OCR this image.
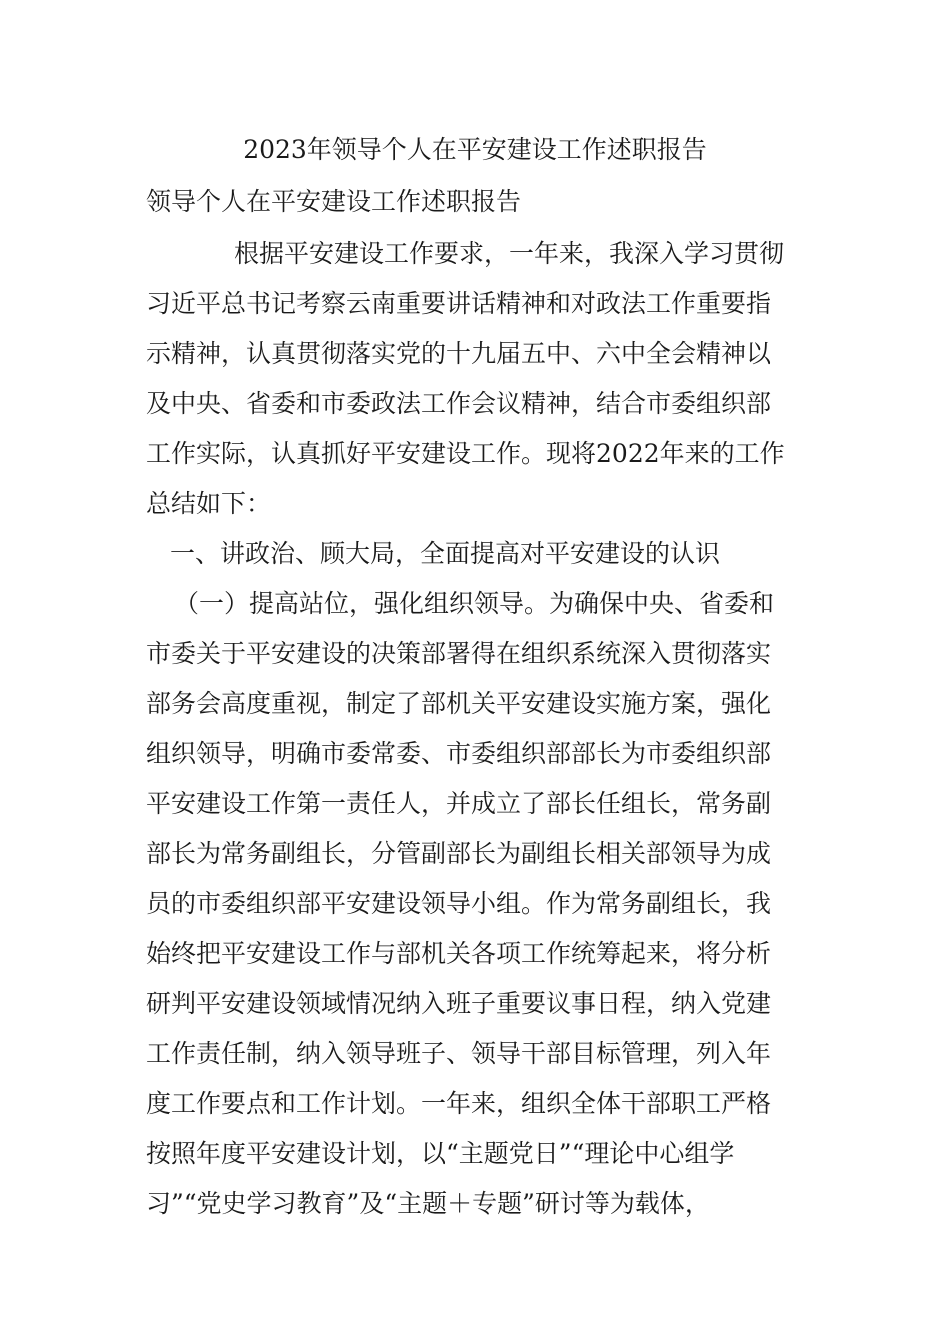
2023年领导个人在平安建设工作述职报告
领导个人在平安建设工作述职报告
根据平安建设工作要求，一年来，我深入学习贯彻
习近平总书记考察云南重要讲话精神和对政法工作重要指
示精神，认真贯彻落实党的十九届五中、六中全会精神以
及中央、省委和市委政法工作会议精神，结合市委组织部
工作实际，认真抓好平安建设工作。现将2022年来的工作
总结如下：
一、讲政治、顾大局，全面提高对平安建设的认识
（一）提高站位，强化组织领导。为确保中央、省委和
市委关于平安建设的决策部署得在组织系统深入贯彻落实
部务会高度重视，制定了部机关平安建设实施方案，强化
组织领导，明确市委常委、市委组织部部长为市委组织部
平安建设工作第一责任人，并成立了部长任组长，常务副
部长为常务副组长，分管副部长为副组长相关部领导为成
员的市委组织部平安建设领导小组。作为常务副组长，我
始终把平安建设工作与部机关各项工作统筹起来，将分析
研判平安建设领域情况纳入班子重要议事日程，纳入党建
工作责任制，纳入领导班子、领导干部目标管理，列入年
度工作要点和工作计划。一年来，组织全体干部职工严格
按照年度平安建设计划，以“主题党日”“理论中心组学
习”“党史学习教育”及“主题＋专题”研讨等为载体，
